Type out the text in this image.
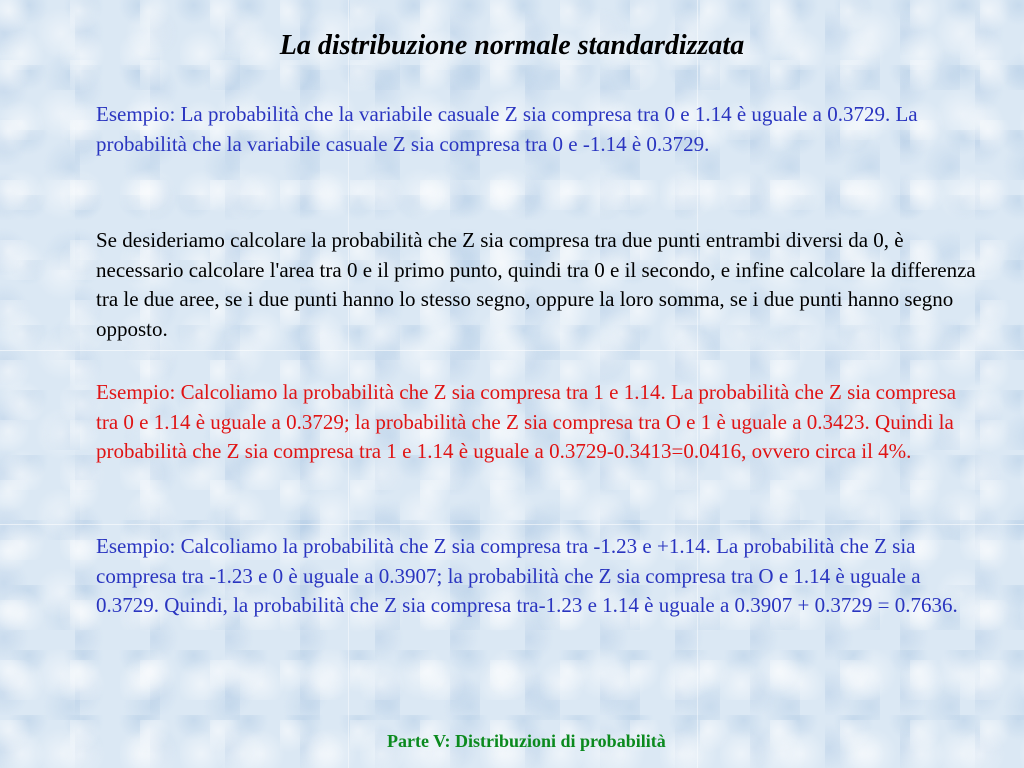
La distribuzione normale standardizzata

Esempio: La probabilità che la variabile casuale Z sia compresa tra 0 e 1.14 è uguale a 0.3729. La probabilità che la variabile casuale Z sia compresa tra 0 e -1.14 è 0.3729.

Se desideriamo calcolare la probabilità che Z sia compresa tra due punti entrambi diversi da 0, è necessario calcolare l'area tra 0 e il primo punto, quindi tra 0 e il secondo, e infine calcolare la differenza tra le due aree, se i due punti hanno lo stesso segno, oppure la loro somma, se i due punti hanno segno opposto.

Esempio: Calcoliamo la probabilità che Z sia compresa tra 1 e 1.14. La probabilità che Z sia compresa tra 0 e 1.14 è uguale a 0.3729; la probabilità che Z sia compresa tra O e 1 è uguale a 0.3423. Quindi la probabilità che Z sia compresa tra 1 e 1.14 è uguale a 0.3729-0.3413=0.0416, ovvero circa il 4%.

Esempio: Calcoliamo la probabilità che Z sia compresa tra -1.23 e +1.14. La probabilità che Z sia compresa tra -1.23 e 0 è uguale a 0.3907; la probabilità che Z sia compresa tra O e 1.14 è uguale a 0.3729. Quindi, la probabilità che Z sia compresa tra-1.23 e 1.14 è uguale a 0.3907 + 0.3729 = 0.7636.

Parte V: Distribuzioni di probabilità
